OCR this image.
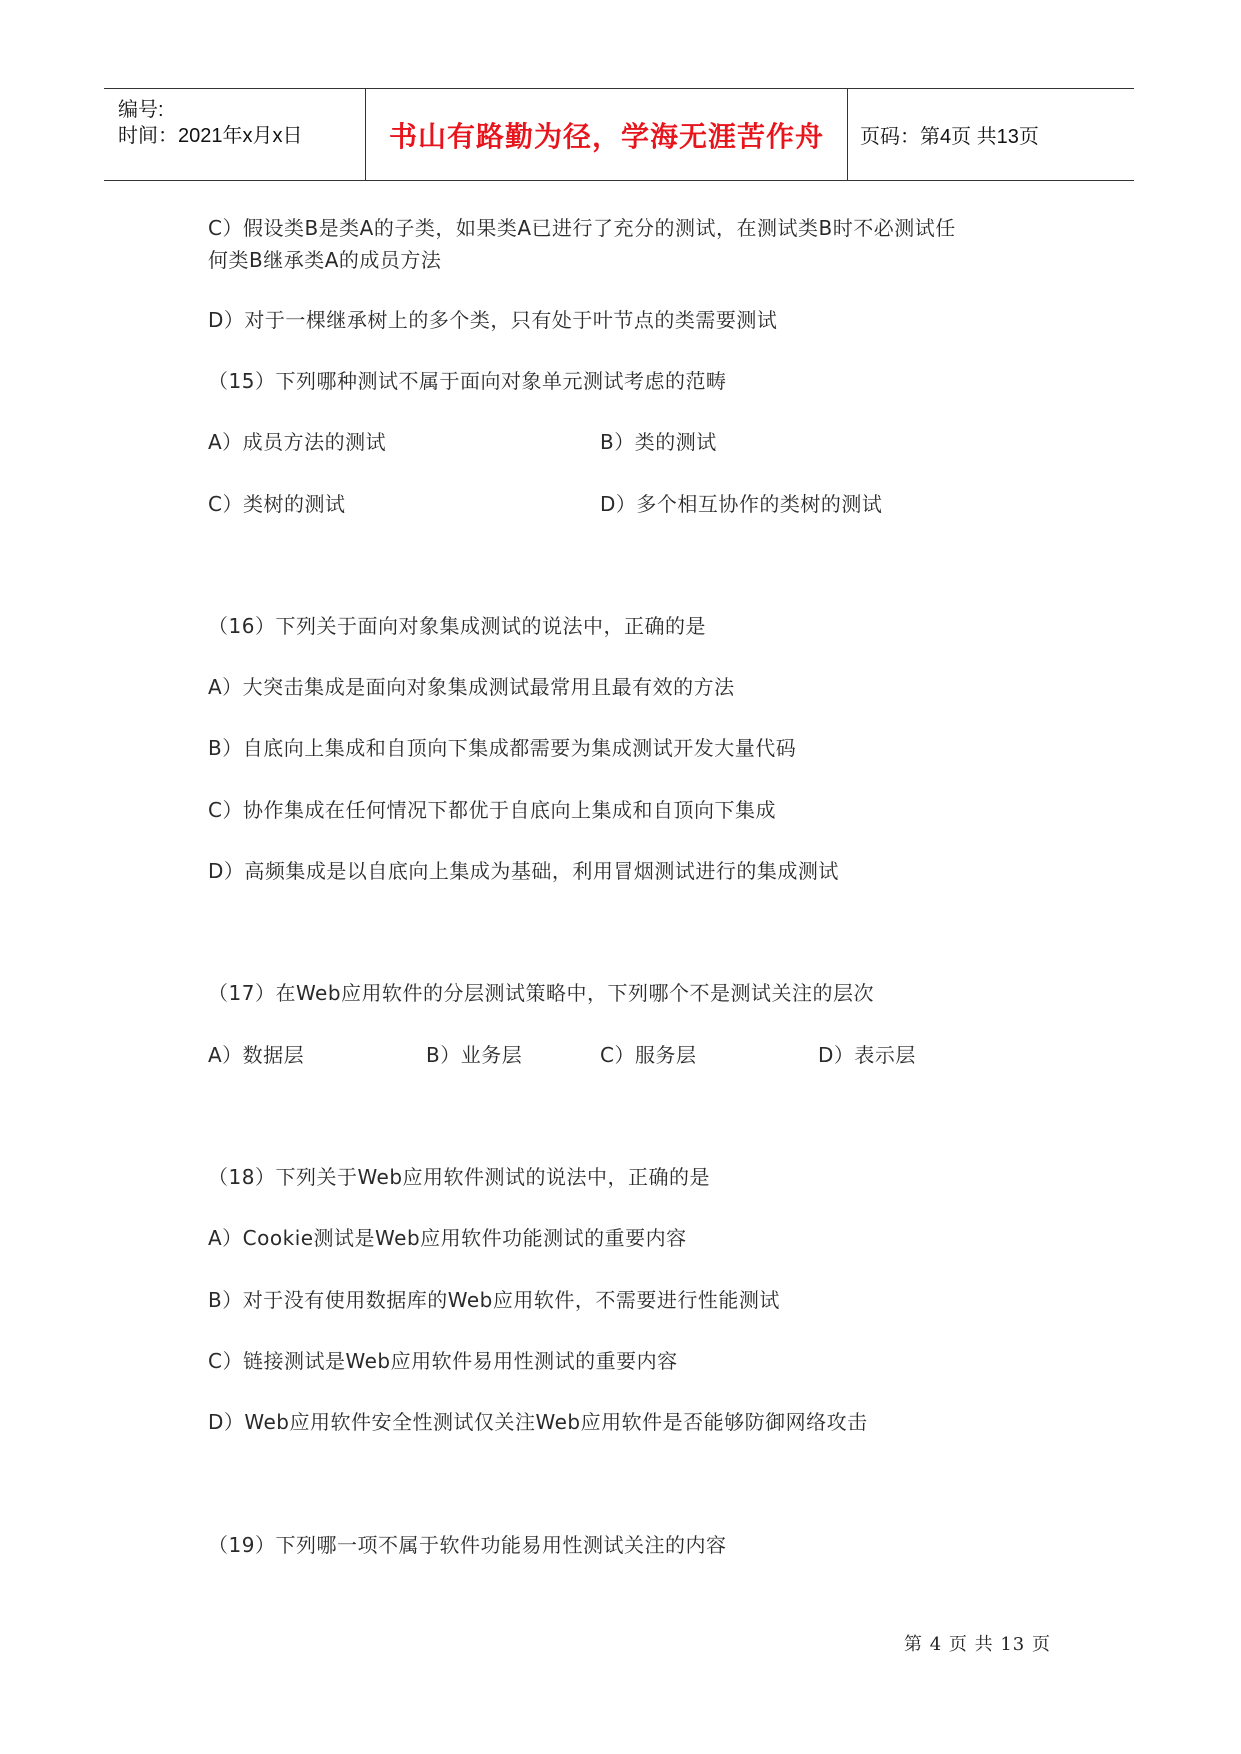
编号:
时间：2021年x月x日	书山有路勤为径，学海无涯苦作舟 页码：第4页 共13页
C）假设类B是类A的子类，如果类A已进行了充分的测试，在测试类B时不必测试任
何类B继承类A的成员方法
D）对于一棵继承树上的多个类，只有处于叶节点的类需要测试
（15）下列哪种测试不属于面向对象单元测试考虑的范畴
A）成员方法的测试	B）类的测试
C）类树的测试	D）多个相互协作的类树的测试
（16）下列关于面向对象集成测试的说法中，正确的是
A）大突击集成是面向对象集成测试最常用且最有效的方法
B）自底向上集成和自顶向下集成都需要为集成测试开发大量代码
C）协作集成在任何情况下都优于自底向上集成和自顶向下集成
D）高频集成是以自底向上集成为基础，利用冒烟测试进行的集成测试
（17）在Web应用软件的分层测试策略中，下列哪个不是测试关注的层次
A）数据层	B）业务层	C）服务层	D）表示层
（18）下列关于Web应用软件测试的说法中，正确的是
A）Cookie测试是Web应用软件功能测试的重要内容
B）对于没有使用数据库的Web应用软件，不需要进行性能测试
C）链接测试是Web应用软件易用性测试的重要内容
D）Web应用软件安全性测试仅关注Web应用软件是否能够防御网络攻击
（19）下列哪一项不属于软件功能易用性测试关注的内容
第 4 页 共 13 页
